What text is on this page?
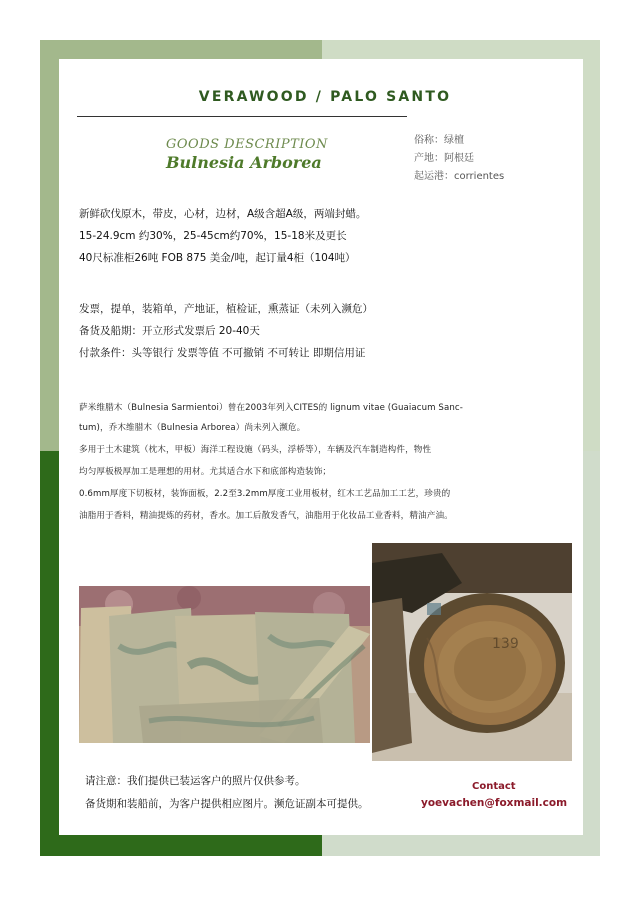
VERAWOOD / PALO SANTO
GOODS DESCRIPTION
Bulnesia Arborea
俗称：绿檀
产地：阿根廷
起运港：corrientes
新鲜砍伐原木，带皮，心材，边材，A级含超A级，两端封蜡。
15-24.9cm 约30%，25-45cm约70%，15-18米及更长
40尺标准柜26吨 FOB 875 美金/吨，起订量4柜（104吨）
发票，提单，装箱单，产地证，植检证，熏蒸证（未列入濒危）
备货及船期：开立形式发票后 20-40天
付款条件：头等银行 发票等值 不可撤销 不可转让 即期信用证
萨米维腊木（Bulnesia Sarmientoi）曾在2003年列入CITES的 lignum vitae (Guaiacum Sanc-
tum)，乔木维腊木（Bulnesia Arborea）尚未列入濒危。
多用于土木建筑（枕木，甲板）海洋工程设施（码头，浮桥等），车辆及汽车制造构件，物性
均匀厚板极厚加工是理想的用材。尤其适合水下和底部构造装饰；
0.6mm厚度下切板材，装饰面板，2.2至3.2mm厚度工业用板材，红木工艺品加工工艺，珍贵的
油脂用于香料，精油提炼的药材，香水。加工后散发香气，油脂用于化妆品工业香料，精油产油。
139
请注意：我们提供已装运客户的照片仅供参考。
备货期和装船前，为客户提供相应图片。濒危证副本可提供。
Contact
yoevachen@foxmail.com
